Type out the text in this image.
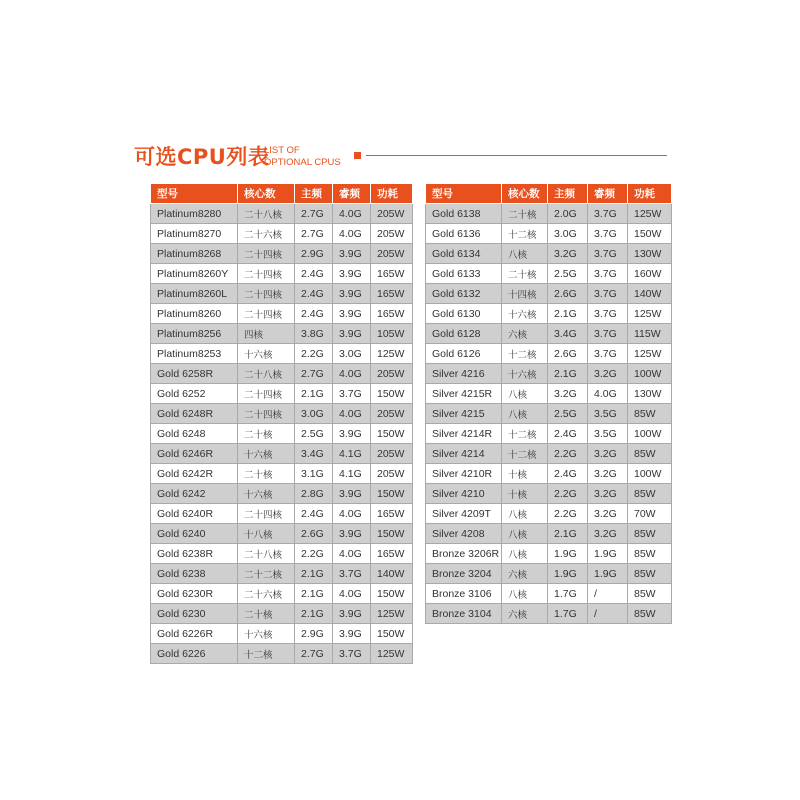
可选CPU列表
LIST OF
OPTIONAL CPUS
型号	核心数	主频	睿频	功耗
Platinum8280	二十八核	2.7G	4.0G	205W
Platinum8270	二十六核	2.7G	4.0G	205W
Platinum8268	二十四核	2.9G	3.9G	205W
Platinum8260Y	二十四核	2.4G	3.9G	165W
Platinum8260L	二十四核	2.4G	3.9G	165W
Platinum8260	二十四核	2.4G	3.9G	165W
Platinum8256	四核	3.8G	3.9G	105W
Platinum8253	十六核	2.2G	3.0G	125W
Gold 6258R	二十八核	2.7G	4.0G	205W
Gold 6252	二十四核	2.1G	3.7G	150W
Gold 6248R	二十四核	3.0G	4.0G	205W
Gold 6248	二十核	2.5G	3.9G	150W
Gold 6246R	十六核	3.4G	4.1G	205W
Gold 6242R	二十核	3.1G	4.1G	205W
Gold 6242	十六核	2.8G	3.9G	150W
Gold 6240R	二十四核	2.4G	4.0G	165W
Gold 6240	十八核	2.6G	3.9G	150W
Gold 6238R	二十八核	2.2G	4.0G	165W
Gold 6238	二十二核	2.1G	3.7G	140W
Gold 6230R	二十六核	2.1G	4.0G	150W
Gold 6230	二十核	2.1G	3.9G	125W
Gold 6226R	十六核	2.9G	3.9G	150W
Gold 6226	十二核	2.7G	3.7G	125W
型号	核心数	主频	睿频	功耗
Gold 6138	二十核	2.0G	3.7G	125W
Gold 6136	十二核	3.0G	3.7G	150W
Gold 6134	八核	3.2G	3.7G	130W
Gold 6133	二十核	2.5G	3.7G	160W
Gold 6132	十四核	2.6G	3.7G	140W
Gold 6130	十六核	2.1G	3.7G	125W
Gold 6128	六核	3.4G	3.7G	115W
Gold 6126	十二核	2.6G	3.7G	125W
Silver 4216	十六核	2.1G	3.2G	100W
Silver 4215R	八核	3.2G	4.0G	130W
Silver 4215	八核	2.5G	3.5G	85W
Silver 4214R	十二核	2.4G	3.5G	100W
Silver 4214	十二核	2.2G	3.2G	85W
Silver 4210R	十核	2.4G	3.2G	100W
Silver 4210	十核	2.2G	3.2G	85W
Silver 4209T	八核	2.2G	3.2G	70W
Silver 4208	八核	2.1G	3.2G	85W
Bronze 3206R	八核	1.9G	1.9G	85W
Bronze 3204	六核	1.9G	1.9G	85W
Bronze 3106	八核	1.7G	/	85W
Bronze 3104	六核	1.7G	/	85W
